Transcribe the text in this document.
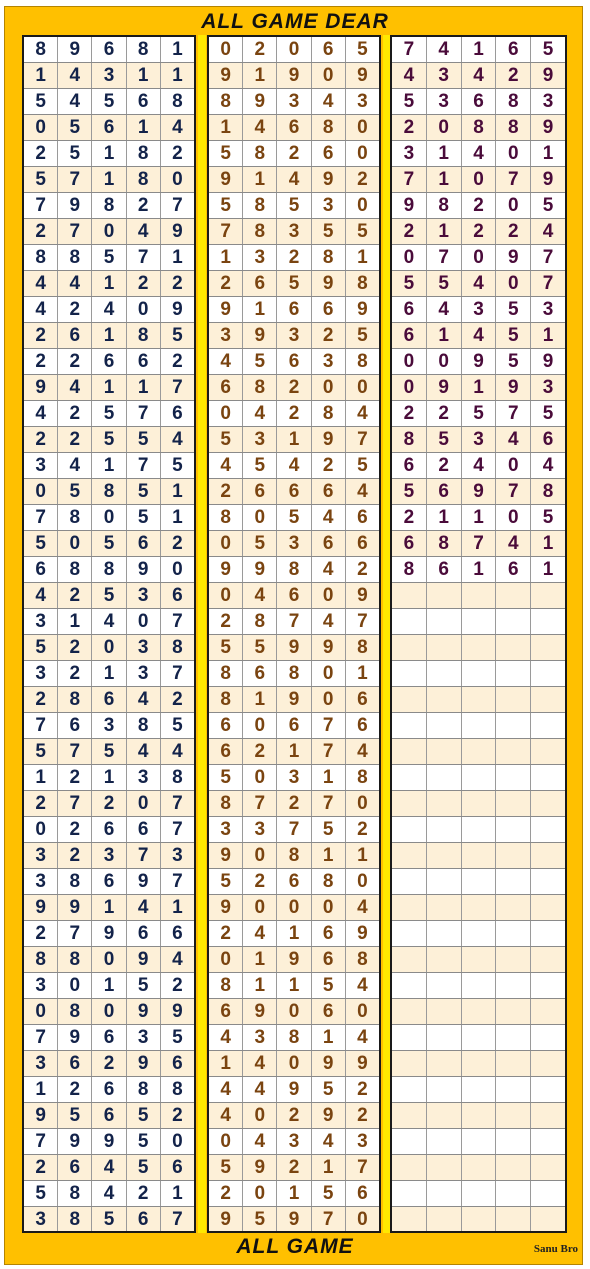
ALL GAME DEAR
8	9	6	8	1
1	4	3	1	1
5	4	5	6	8
0	5	6	1	4
2	5	1	8	2
5	7	1	8	0
7	9	8	2	7
2	7	0	4	9
8	8	5	7	1
4	4	1	2	2
4	2	4	0	9
2	6	1	8	5
2	2	6	6	2
9	4	1	1	7
4	2	5	7	6
2	2	5	5	4
3	4	1	7	5
0	5	8	5	1
7	8	0	5	1
5	0	5	6	2
6	8	8	9	0
4	2	5	3	6
3	1	4	0	7
5	2	0	3	8
3	2	1	3	7
2	8	6	4	2
7	6	3	8	5
5	7	5	4	4
1	2	1	3	8
2	7	2	0	7
0	2	6	6	7
3	2	3	7	3
3	8	6	9	7
9	9	1	4	1
2	7	9	6	6
8	8	0	9	4
3	0	1	5	2
0	8	0	9	9
7	9	6	3	5
3	6	2	9	6
1	2	6	8	8
9	5	6	5	2
7	9	9	5	0
2	6	4	5	6
5	8	4	2	1
3	8	5	6	7
0	2	0	6	5
9	1	9	0	9
8	9	3	4	3
1	4	6	8	0
5	8	2	6	0
9	1	4	9	2
5	8	5	3	0
7	8	3	5	5
1	3	2	8	1
2	6	5	9	8
9	1	6	6	9
3	9	3	2	5
4	5	6	3	8
6	8	2	0	0
0	4	2	8	4
5	3	1	9	7
4	5	4	2	5
2	6	6	6	4
8	0	5	4	6
0	5	3	6	6
9	9	8	4	2
0	4	6	0	9
2	8	7	4	7
5	5	9	9	8
8	6	8	0	1
8	1	9	0	6
6	0	6	7	6
6	2	1	7	4
5	0	3	1	8
8	7	2	7	0
3	3	7	5	2
9	0	8	1	1
5	2	6	8	0
9	0	0	0	4
2	4	1	6	9
0	1	9	6	8
8	1	1	5	4
6	9	0	6	0
4	3	8	1	4
1	4	0	9	9
4	4	9	5	2
4	0	2	9	2
0	4	3	4	3
5	9	2	1	7
2	0	1	5	6
9	5	9	7	0
7	4	1	6	5
4	3	4	2	9
5	3	6	8	3
2	0	8	8	9
3	1	4	0	1
7	1	0	7	9
9	8	2	0	5
2	1	2	2	4
0	7	0	9	7
5	5	4	0	7
6	4	3	5	3
6	1	4	5	1
0	0	9	5	9
0	9	1	9	3
2	2	5	7	5
8	5	3	4	6
6	2	4	0	4
5	6	9	7	8
2	1	1	0	5
6	8	7	4	1
8	6	1	6	1
ALL GAME	Sanu Bro
